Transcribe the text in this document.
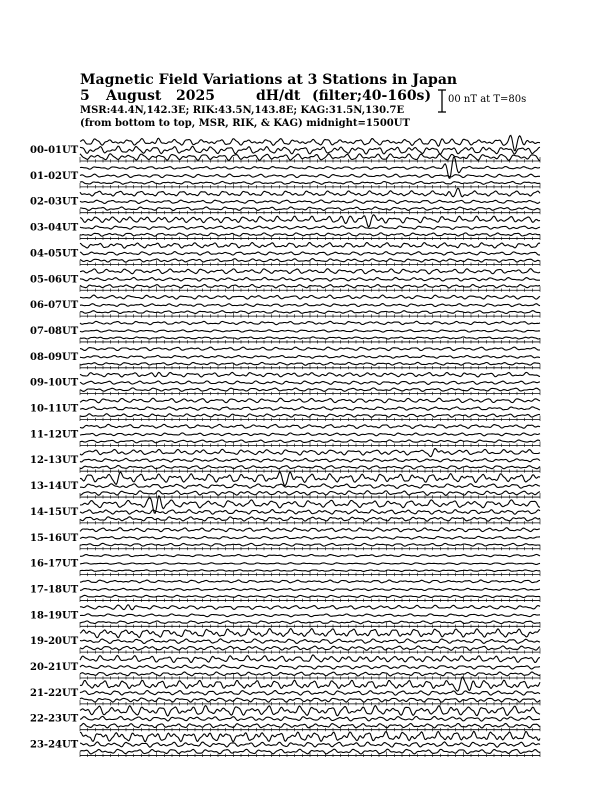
Magnetic Field Variations at 3 Stations in Japan
5 August 2025	dH/dt (filter;40-160s)
MSR:44.4N,142.3E; RIK:43.5N,143.8E; KAG:31.5N,130.7E
(from bottom to top, MSR, RIK, & KAG) midnight=1500UT
00 nT at T=80s
00-01UT
01-02UT
02-03UT
03-04UT
04-05UT
05-06UT
06-07UT
07-08UT
08-09UT
09-10UT
10-11UT
11-12UT
12-13UT
13-14UT
14-15UT
15-16UT
16-17UT
17-18UT
18-19UT
19-20UT
20-21UT
21-22UT
22-23UT
23-24UT
